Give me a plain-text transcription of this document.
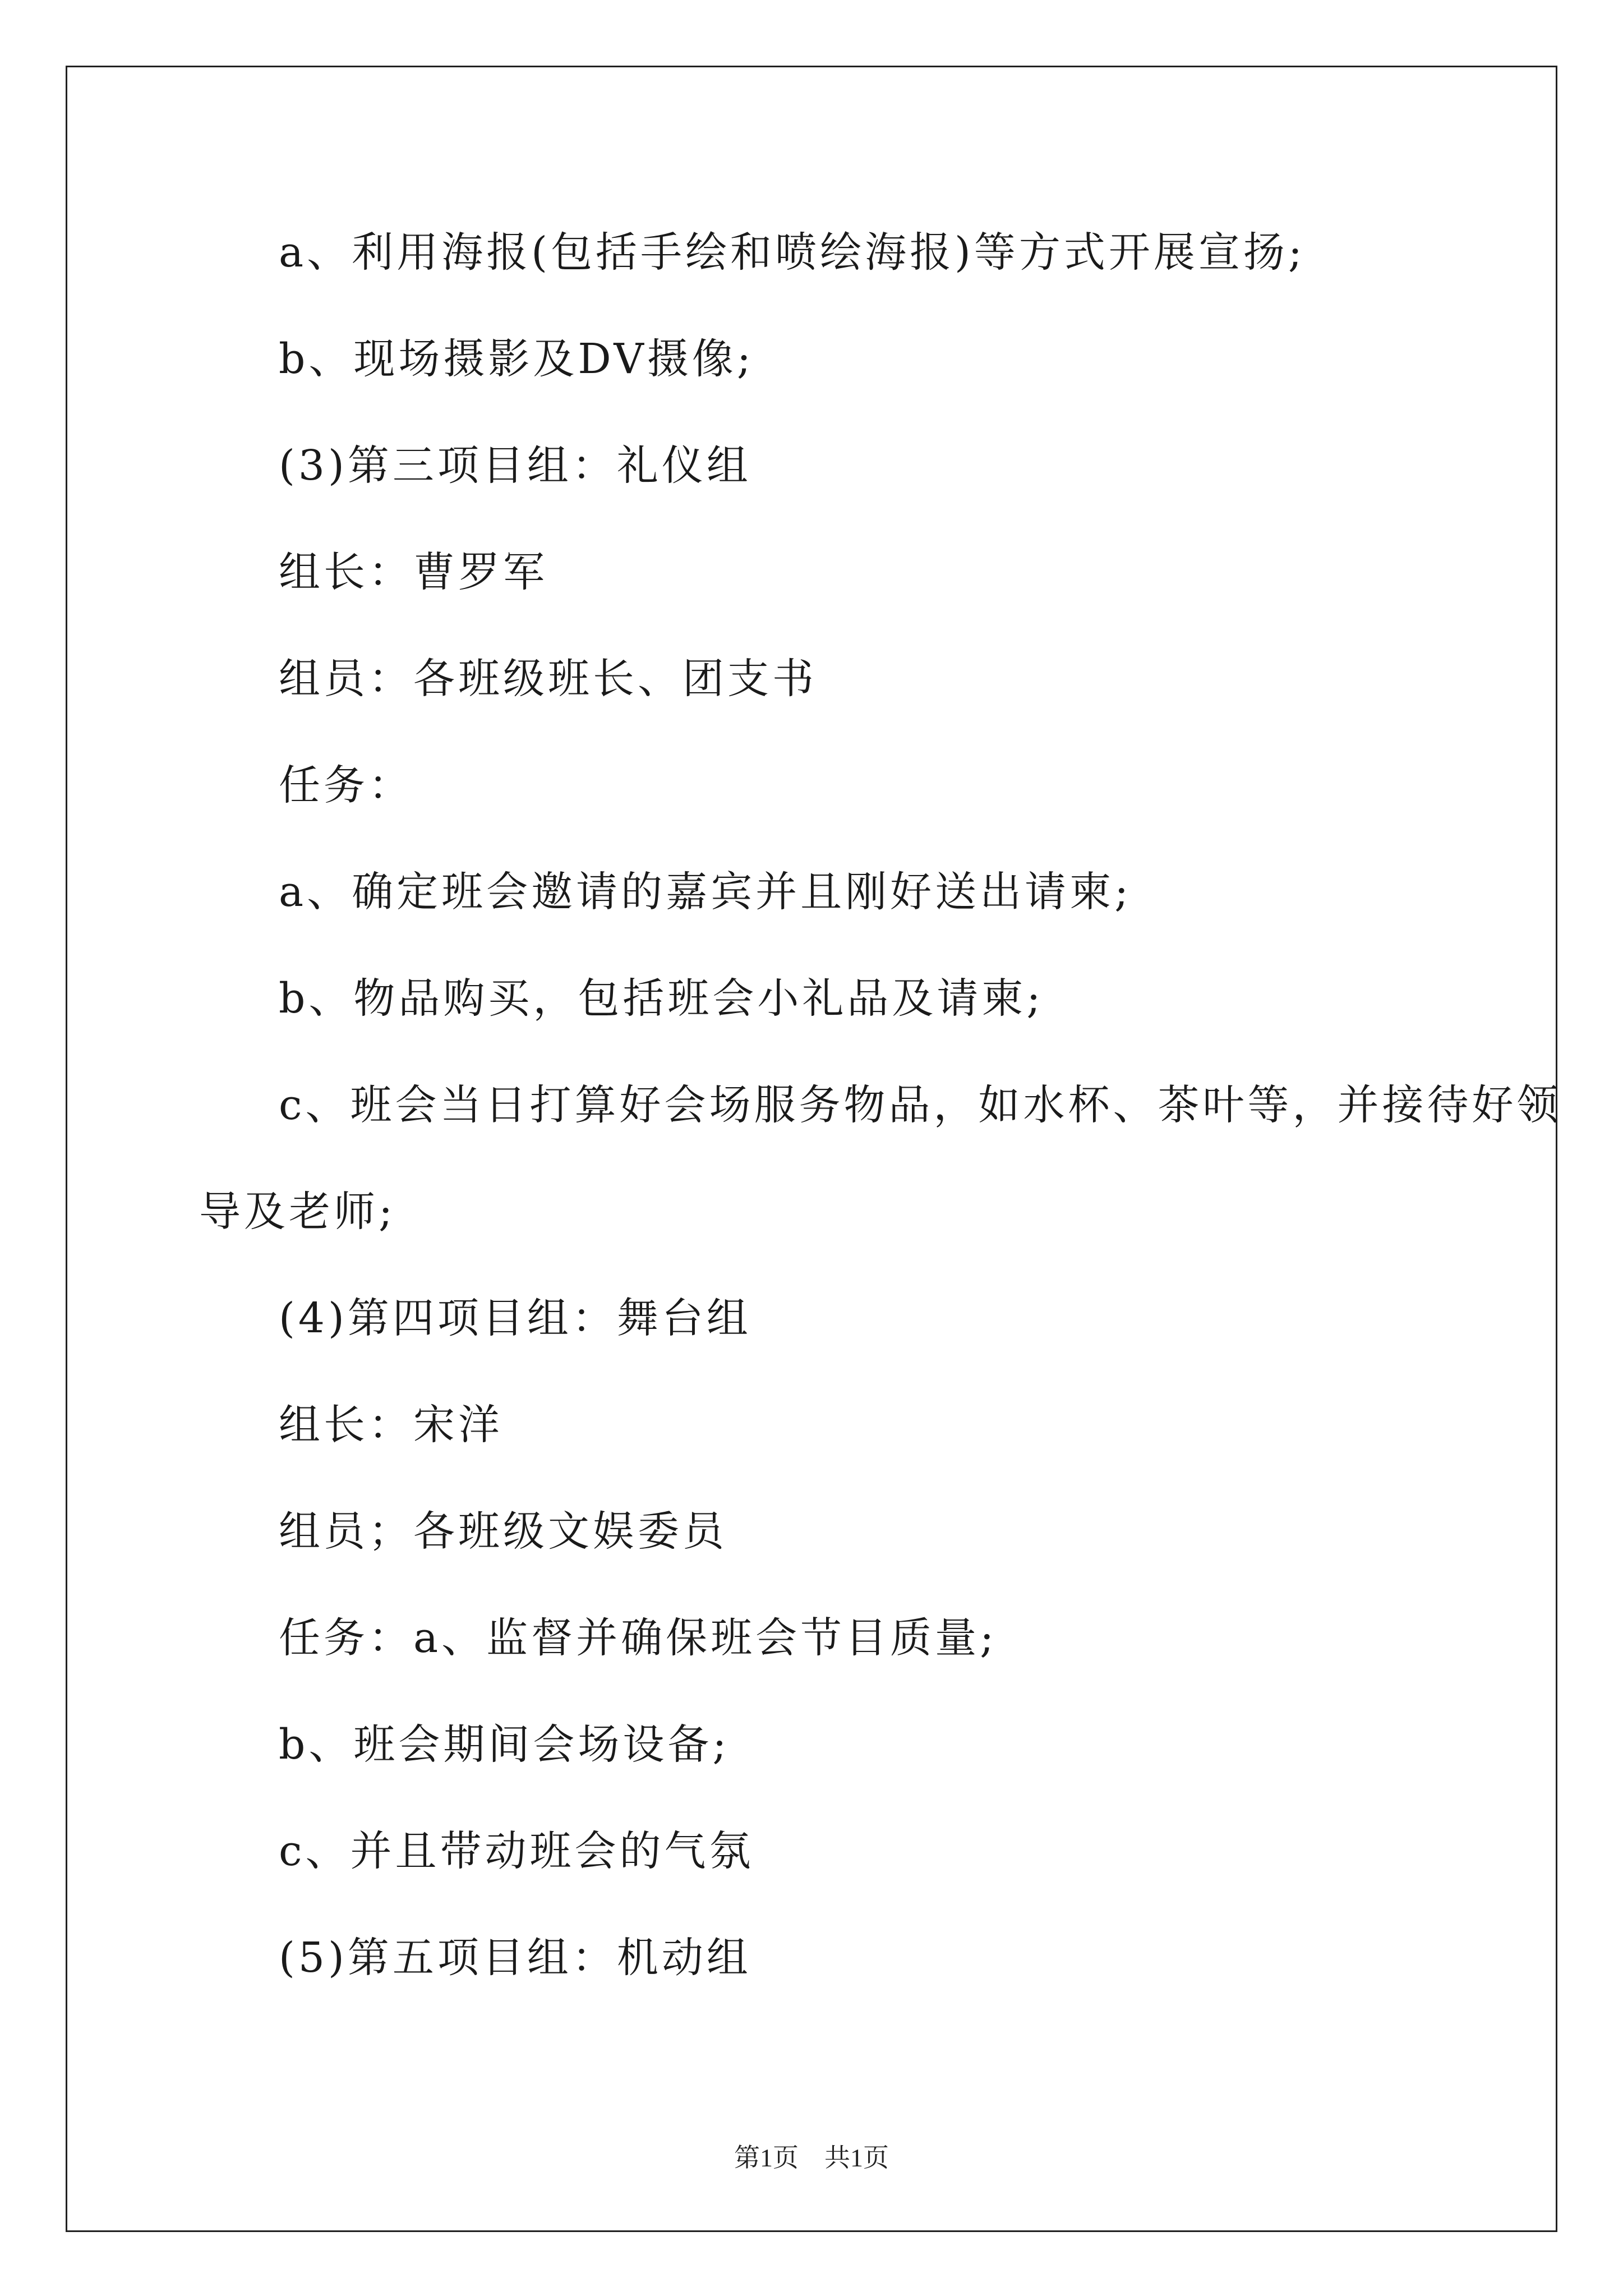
a、利用海报(包括手绘和喷绘海报)等方式开展宣扬;
b、现场摄影及DV摄像;
(3)第三项目组：礼仪组
组长：曹罗军
组员：各班级班长、团支书
任务：
a、确定班会邀请的嘉宾并且刚好送出请柬;
b、物品购买，包括班会小礼品及请柬;
c、班会当日打算好会场服务物品，如水杯、茶叶等，并接待好领
导及老师;
(4)第四项目组：舞台组
组长：宋洋
组员；各班级文娱委员
任务：a、监督并确保班会节目质量;
b、班会期间会场设备;
c、并且带动班会的气氛
(5)第五项目组：机动组
第1页　共1页
